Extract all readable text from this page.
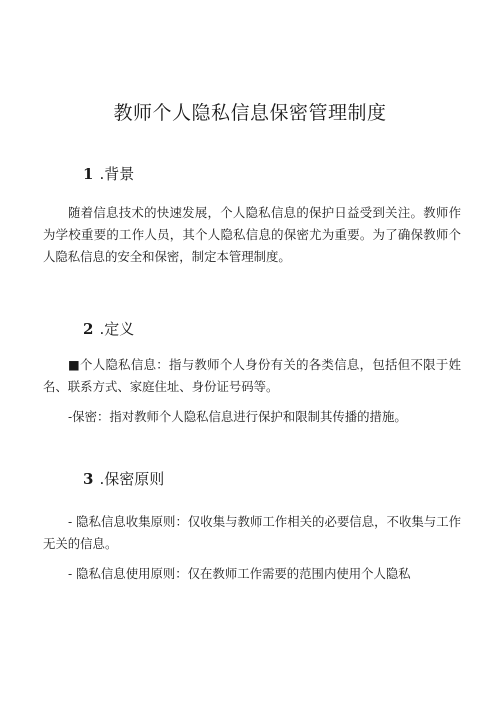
教师个人隐私信息保密管理制度
1 .背景
随着信息技术的快速发展，个人隐私信息的保护日益受到关注。教师作为学校重要的工作人员，其个人隐私信息的保密尤为重要。为了确保教师个人隐私信息的安全和保密，制定本管理制度。
2 .定义
■个人隐私信息：指与教师个人身份有关的各类信息，包括但不限于姓名、联系方式、家庭住址、身份证号码等。
-保密：指对教师个人隐私信息进行保护和限制其传播的措施。
3 .保密原则
- 隐私信息收集原则：仅收集与教师工作相关的必要信息，不收集与工作无关的信息。
- 隐私信息使用原则：仅在教师工作需要的范围内使用个人隐私
